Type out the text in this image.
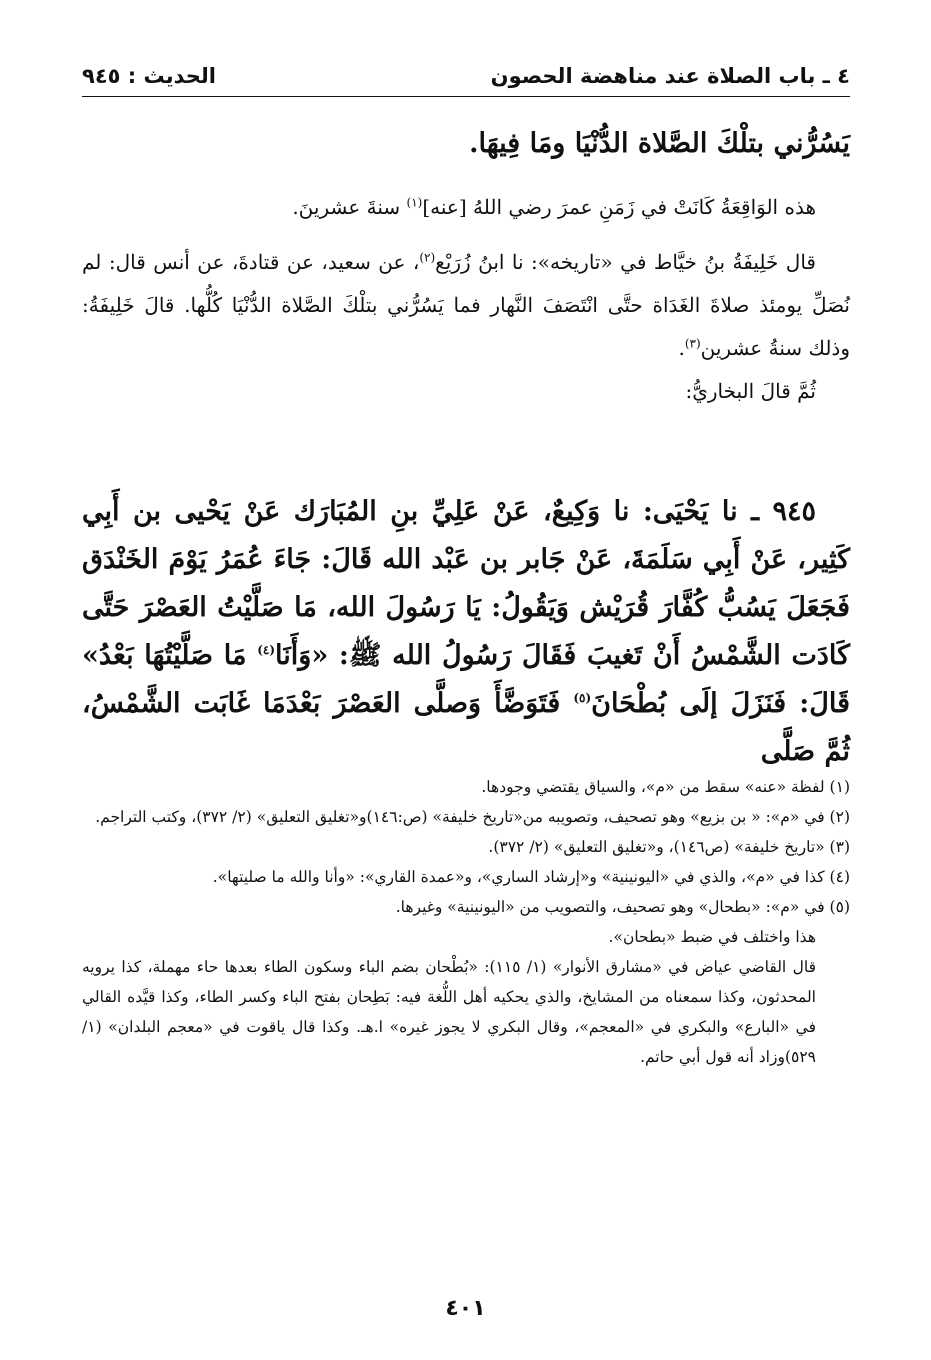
٤ ـ باب الصلاة عند مناهضة الحصون
الحديث : ٩٤٥

يَسُرُّني بتلْكَ الصَّلاة الدُّنْيَا ومَا فِيهَا.

هذه الوَاقِعَةُ كَانَتْ في زَمَنِ عمرَ رضي اللهُ [عنه]$^{(١)}$ سنةَ عشرينَ.

قال خَلِيفَةُ بنُ خيَّاط في «تاريخه»: نا ابنُ زُرَيْع$^{(٢)}$، عن سعيد، عن قتادةَ، عن أنس قال: لم نُصَلِّ يومئذ صلاةَ الغَدَاة حتَّى انْتَصَفَ النَّهار فما يَسُرُّني بتلْكَ الصَّلاة الدُّنْيَا كُلُّها. قالَ خَلِيفَةُ: وذلك سنةُ عشرين$^{(٣)}$.

ثُمَّ قالَ البخاريُّ:

٩٤٥ ـ نا يَحْيَى: نا وَكِيعٌ، عَنْ عَلِيِّ بنِ المُبَارَك عَنْ يَحْيى بن أَبِي كَثِير، عَنْ أَبِي سَلَمَةَ، عَنْ جَابر بن عَبْد الله قَالَ: جَاءَ عُمَرُ يَوْمَ الخَنْدَق فَجَعَلَ يَسُبُّ كُفَّارَ قُرَيْش وَيَقُولُ: يَا رَسُولَ الله، مَا صَلَّيْتُ العَصْرَ حَتَّى كَادَت الشَّمْسُ أَنْ تَغيبَ فَقَالَ رَسُولُ الله ﷺ: «وَأَنَا$^{(٤)}$ مَا صَلَّيْتُهَا بَعْدُ» قَالَ: فَنَزَلَ إلَى بُطْحَانَ$^{(٥)}$ فَتَوَضَّأَ وَصلَّى العَصْرَ بَعْدَمَا غَابَت الشَّمْسُ، ثُمَّ صَلَّى

(١) لفظة «عنه» سقط من «م»، والسياق يقتضي وجودها.

(٢) في «م»: « بن بزيع» وهو تصحيف، وتصويبه من«تاريخ خليفة» (ص:١٤٦)و«تغليق التعليق» (٢/ ٣٧٢)، وكتب التراجم.

(٣) «تاريخ خليفة» (ص١٤٦)، و«تغليق التعليق» (٢/ ٣٧٢).

(٤) كذا في «م»، والذي في «اليونينية» و«إرشاد الساري»، و«عمدة القاري»: «وأنا والله ما صليتها».

(٥) في «م»: «بطحال» وهو تصحيف، والتصويب من «اليونينية» وغيرها.

هذا واختلف في ضبط «بطحان».

قال القاضي عياض في «مشارق الأنوار» (١/ ١١٥): «بُطْحان بضم الباء وسكون الطاء بعدها حاء مهملة، كذا يرويه المحدثون، وكذا سمعناه من المشايخ، والذي يحكيه أهل اللُّغة فيه: بَطِحان بفتح الباء وكسر الطاء، وكذا قيَّده القالي في «البارع» والبكري في «المعجم»، وقال البكري لا يجوز غيره» ا.هـ. وكذا قال ياقوت في «معجم البلدان» (١/ ٥٢٩)وزاد أنه قول أبي حاتم.

٤٠١
